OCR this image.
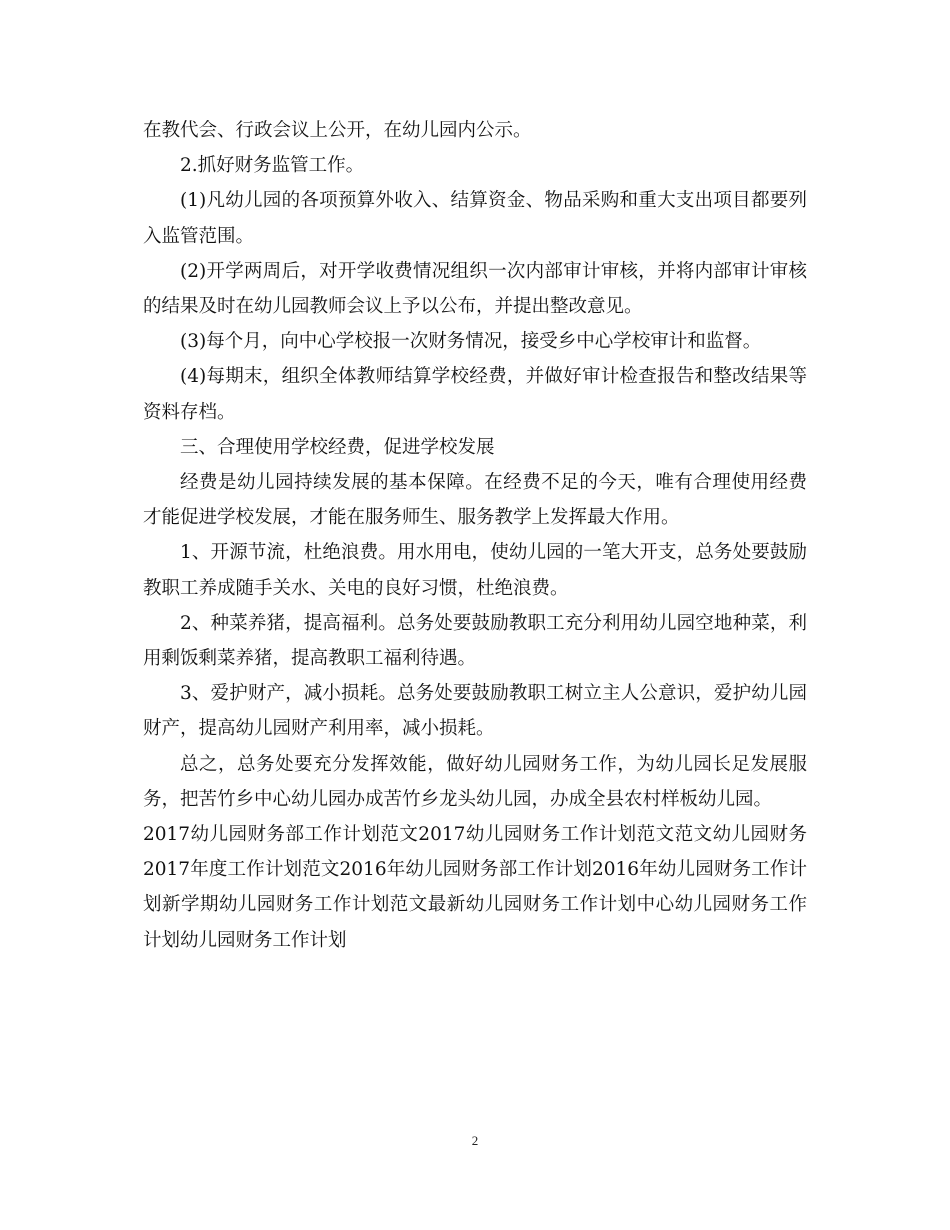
在教代会、行政会议上公开，在幼儿园内公示。

2.抓好财务监管工作。

(1)凡幼儿园的各项预算外收入、结算资金、物品采购和重大支出项目都要列入监管范围。

(2)开学两周后，对开学收费情况组织一次内部审计审核，并将内部审计审核的结果及时在幼儿园教师会议上予以公布，并提出整改意见。

(3)每个月，向中心学校报一次财务情况，接受乡中心学校审计和监督。

(4)每期末，组织全体教师结算学校经费，并做好审计检查报告和整改结果等资料存档。

三、合理使用学校经费，促进学校发展

经费是幼儿园持续发展的基本保障。在经费不足的今天，唯有合理使用经费才能促进学校发展，才能在服务师生、服务教学上发挥最大作用。

1、开源节流，杜绝浪费。用水用电，使幼儿园的一笔大开支，总务处要鼓励教职工养成随手关水、关电的良好习惯，杜绝浪费。

2、种菜养猪，提高福利。总务处要鼓励教职工充分利用幼儿园空地种菜，利用剩饭剩菜养猪，提高教职工福利待遇。

3、爱护财产，减小损耗。总务处要鼓励教职工树立主人公意识，爱护幼儿园财产，提高幼儿园财产利用率，减小损耗。

总之，总务处要充分发挥效能，做好幼儿园财务工作，为幼儿园长足发展服务，把苦竹乡中心幼儿园办成苦竹乡龙头幼儿园，办成全县农村样板幼儿园。

2017幼儿园财务部工作计划范文2017幼儿园财务工作计划范文范文幼儿园财务2017年度工作计划范文2016年幼儿园财务部工作计划2016年幼儿园财务工作计划新学期幼儿园财务工作计划范文最新幼儿园财务工作计划中心幼儿园财务工作计划幼儿园财务工作计划

2
